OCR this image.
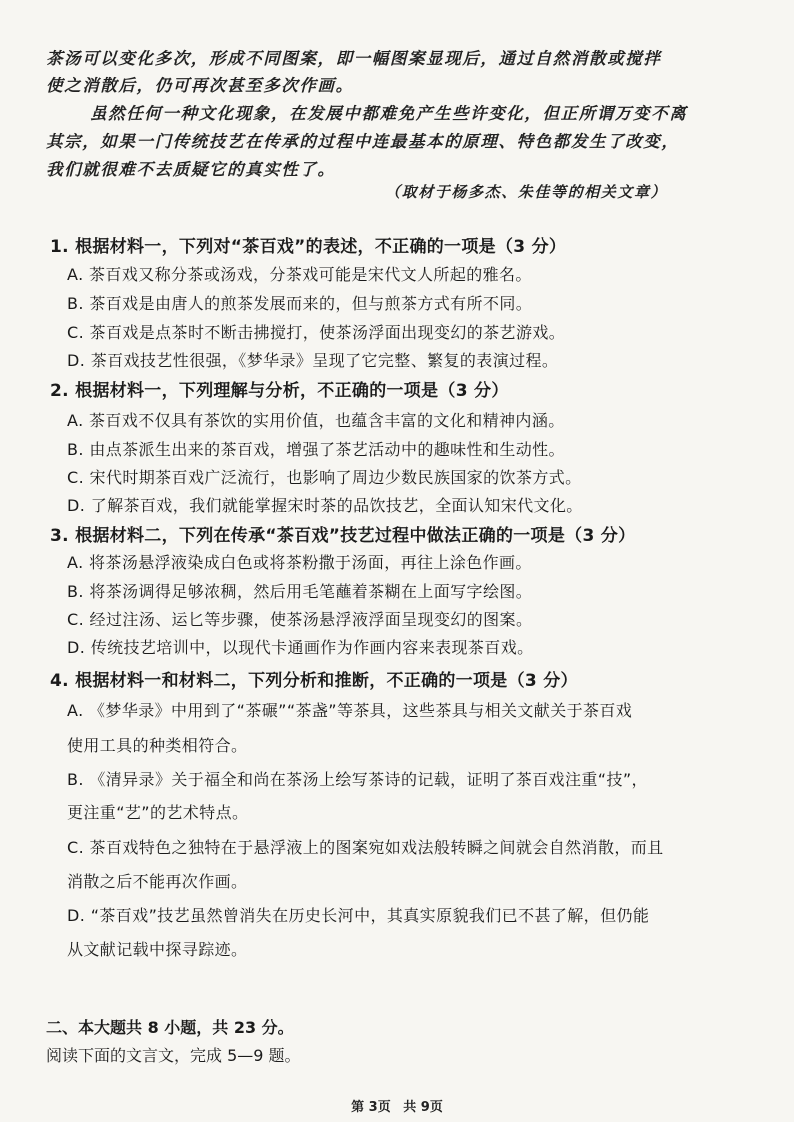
茶汤可以变化多次，形成不同图案，即一幅图案显现后，通过自然消散或搅拌
使之消散后，仍可再次甚至多次作画。
虽然任何一种文化现象，在发展中都难免产生些许变化，但正所谓万变不离
其宗，如果一门传统技艺在传承的过程中连最基本的原理、特色都发生了改变，
我们就很难不去质疑它的真实性了。
（取材于杨多杰、朱佳等的相关文章）
1. 根据材料一，下列对“茶百戏”的表述，不正确的一项是（3 分）
A. 茶百戏又称分茶或汤戏，分茶戏可能是宋代文人所起的雅名。
B. 茶百戏是由唐人的煎茶发展而来的，但与煎茶方式有所不同。
C. 茶百戏是点茶时不断击拂搅打，使茶汤浮面出现变幻的茶艺游戏。
D. 茶百戏技艺性很强，《梦华录》呈现了它完整、繁复的表演过程。
2. 根据材料一，下列理解与分析，不正确的一项是（3 分）
A. 茶百戏不仅具有茶饮的实用价值，也蕴含丰富的文化和精神内涵。
B. 由点茶派生出来的茶百戏，增强了茶艺活动中的趣味性和生动性。
C. 宋代时期茶百戏广泛流行，也影响了周边少数民族国家的饮茶方式。
D. 了解茶百戏，我们就能掌握宋时茶的品饮技艺，全面认知宋代文化。
3. 根据材料二，下列在传承“茶百戏”技艺过程中做法正确的一项是（3 分）
A. 将茶汤悬浮液染成白色或将茶粉撒于汤面，再往上涂色作画。
B. 将茶汤调得足够浓稠，然后用毛笔蘸着茶糊在上面写字绘图。
C. 经过注汤、运匕等步骤，使茶汤悬浮液浮面呈现变幻的图案。
D. 传统技艺培训中，以现代卡通画作为作画内容来表现茶百戏。
4. 根据材料一和材料二，下列分析和推断，不正确的一项是（3 分）
A. 《梦华录》中用到了“茶碾”“茶盏”等茶具，这些茶具与相关文献关于茶百戏
使用工具的种类相符合。
B. 《清异录》关于福全和尚在茶汤上绘写茶诗的记载，证明了茶百戏注重“技”，
更注重“艺”的艺术特点。
C. 茶百戏特色之独特在于悬浮液上的图案宛如戏法般转瞬之间就会自然消散，而且
消散之后不能再次作画。
D. “茶百戏”技艺虽然曾消失在历史长河中，其真实原貌我们已不甚了解，但仍能
从文献记载中探寻踪迹。
二、本大题共 8 小题，共 23 分。
阅读下面的文言文，完成 5—9 题。
第 3页 共 9页
